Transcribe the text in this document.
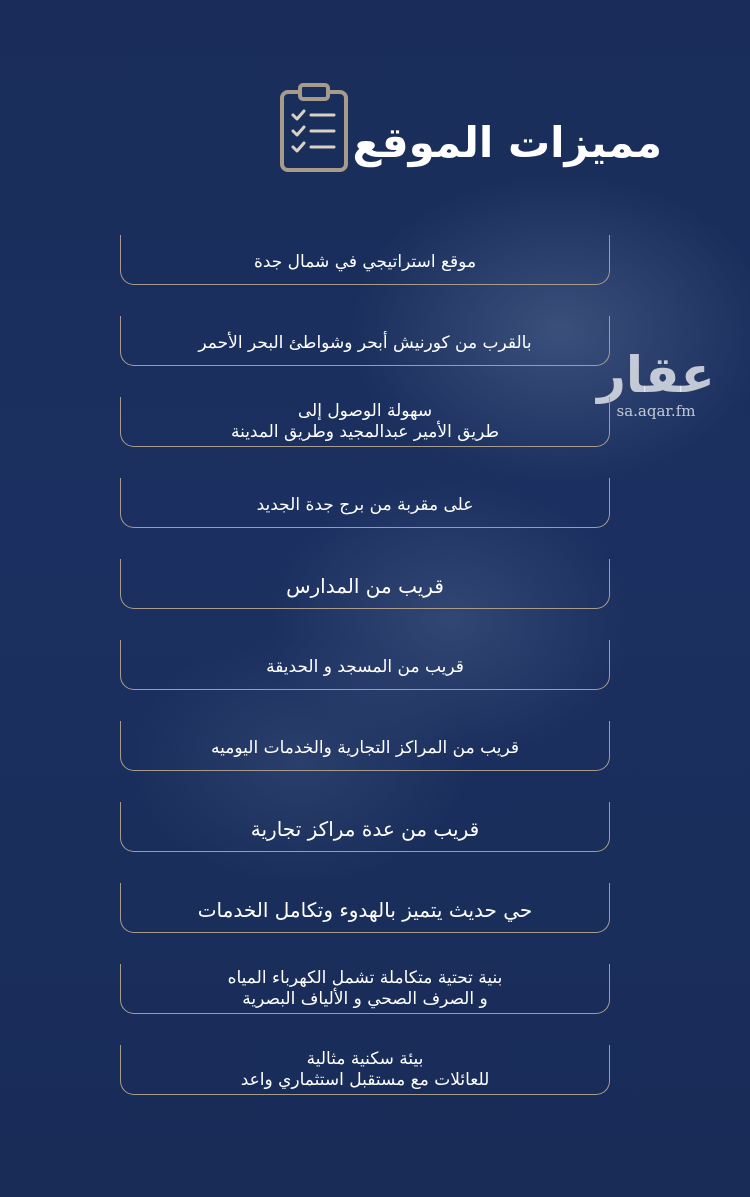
مميزات الموقع
عقار
sa.aqar.fm
موقع استراتيجي في شمال جدة
بالقرب من كورنيش أبحر وشواطئ البحر الأحمر
سهولة الوصول إلى
طريق الأمير عبدالمجيد وطريق المدينة
على مقربة من برج جدة الجديد
قريب من المدارس
قريب من المسجد و الحديقة
قريب من المراكز التجارية والخدمات اليوميه
قريب من عدة مراكز تجارية
حي حديث يتميز بالهدوء وتكامل الخدمات
بنية تحتية متكاملة تشمل الكهرباء المياه
و الصرف الصحي و الألياف البصرية
بيئة سكنية مثالية
للعائلات مع مستقبل استثماري واعد
